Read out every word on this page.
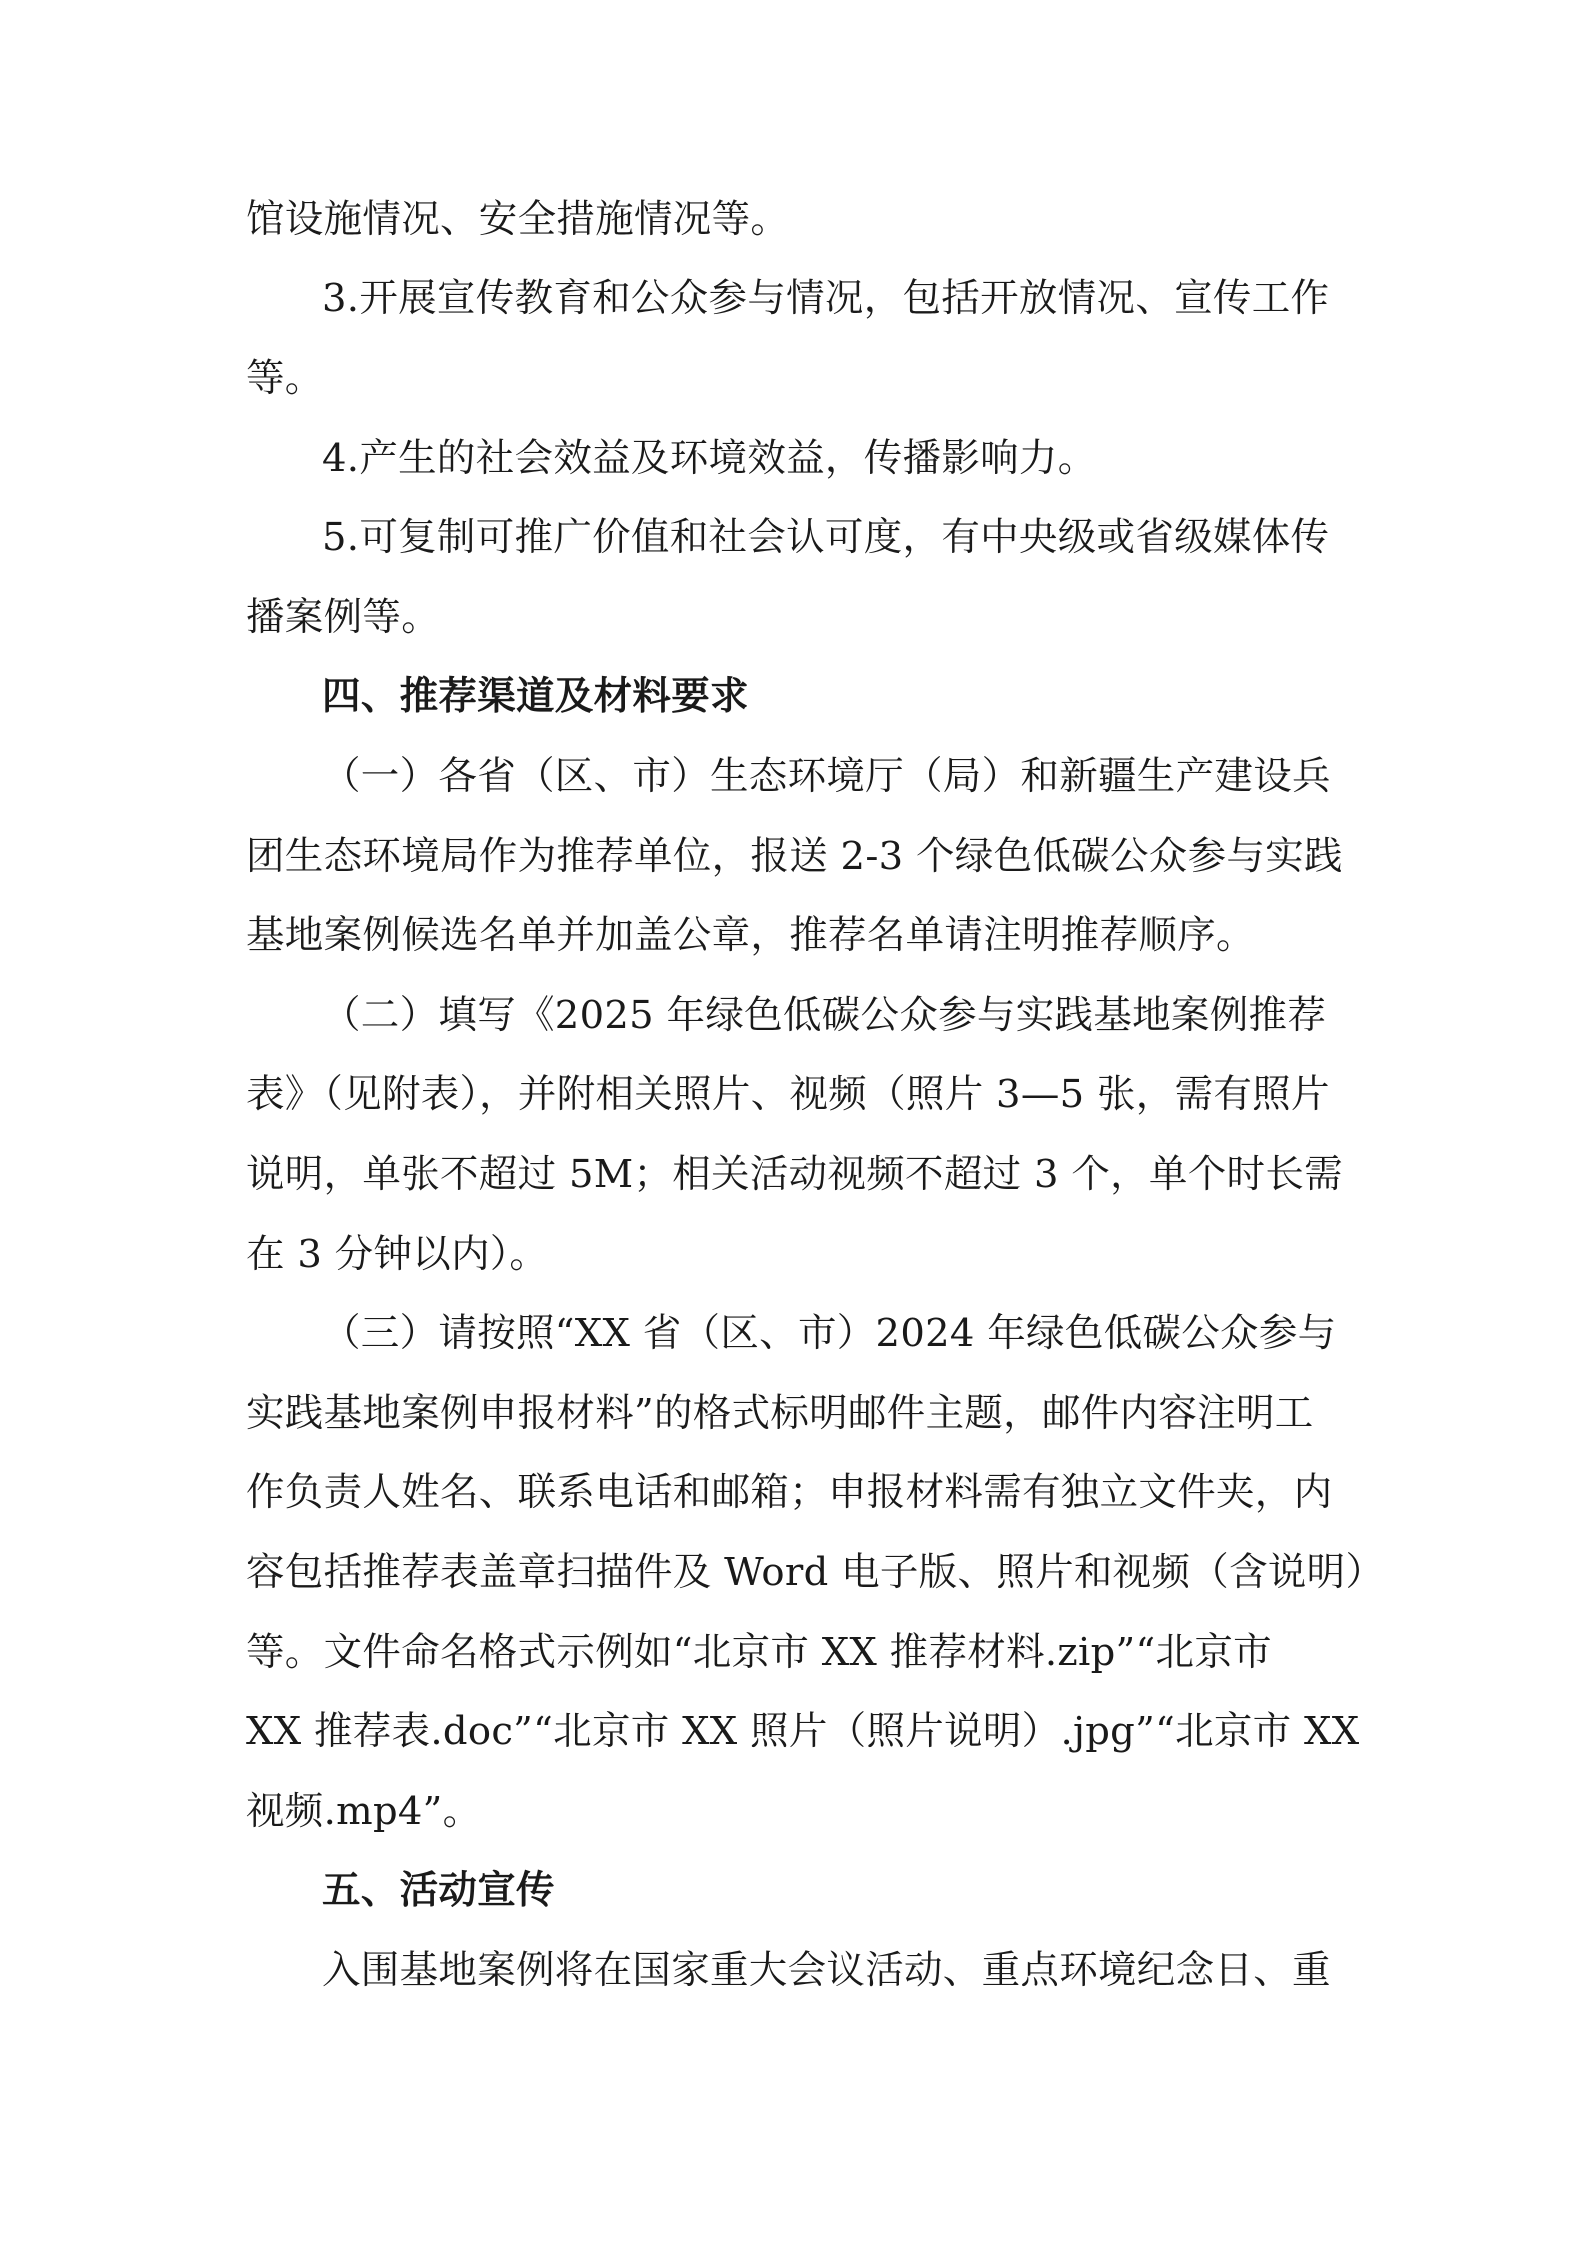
馆设施情况、安全措施情况等。
3.开展宣传教育和公众参与情况，包括开放情况、宣传工作
等。
4.产生的社会效益及环境效益，传播影响力。
5.可复制可推广价值和社会认可度，有中央级或省级媒体传
播案例等。
四、推荐渠道及材料要求
（一）各省（区、市）生态环境厅（局）和新疆生产建设兵
团生态环境局作为推荐单位，报送 2-3 个绿色低碳公众参与实践
基地案例候选名单并加盖公章，推荐名单请注明推荐顺序。
（二）填写《2025 年绿色低碳公众参与实践基地案例推荐
表》（见附表），并附相关照片、视频（照片 3—5 张，需有照片
说明，单张不超过 5M；相关活动视频不超过 3 个，单个时长需
在 3 分钟以内）。
（三）请按照“XX 省（区、市）2024 年绿色低碳公众参与
实践基地案例申报材料”的格式标明邮件主题，邮件内容注明工
作负责人姓名、联系电话和邮箱；申报材料需有独立文件夹，内
容包括推荐表盖章扫描件及 Word 电子版、照片和视频（含说明）
等。文件命名格式示例如“北京市 XX 推荐材料.zip”“北京市
XX 推荐表.doc”“北京市 XX 照片（照片说明）.jpg”“北京市 XX
视频.mp4”。
五、活动宣传
入围基地案例将在国家重大会议活动、重点环境纪念日、重
